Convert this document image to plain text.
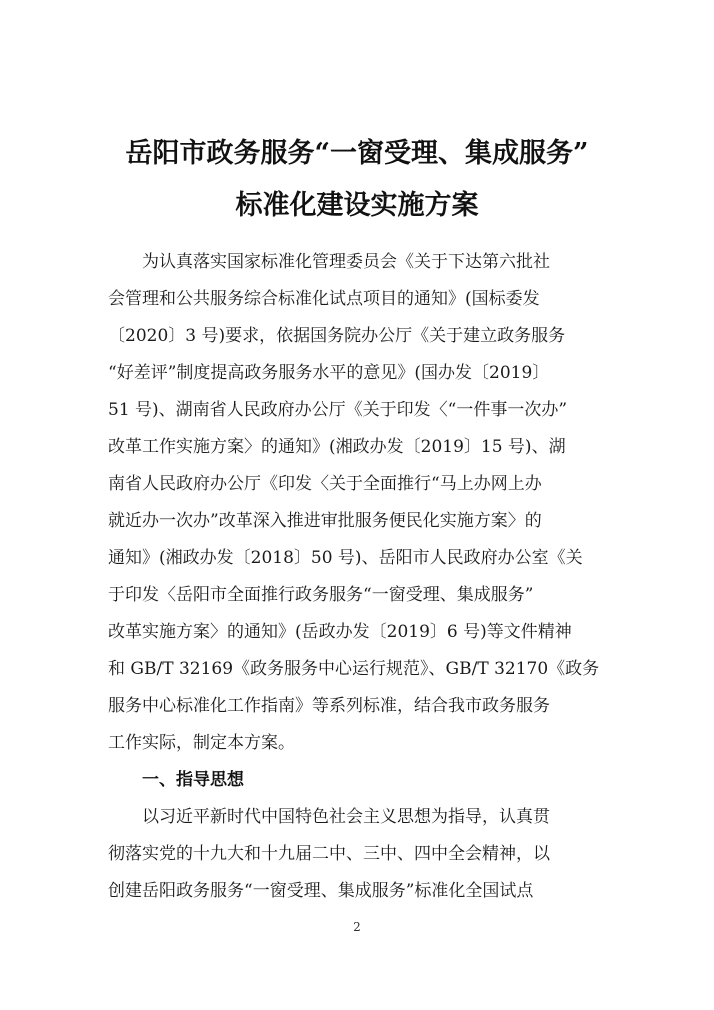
岳阳市政务服务“一窗受理、集成服务”
标准化建设实施方案
为认真落实国家标准化管理委员会《关于下达第六批社
会管理和公共服务综合标准化试点项目的通知》(国标委发
〔2020〕3 号)要求，依据国务院办公厅《关于建立政务服务
“好差评”制度提高政务服务水平的意见》(国办发〔2019〕
51 号)、湖南省人民政府办公厅《关于印发〈“一件事一次办”
改革工作实施方案〉的通知》(湘政办发〔2019〕15 号)、湖
南省人民政府办公厅《印发〈关于全面推行“马上办网上办
就近办一次办”改革深入推进审批服务便民化实施方案〉的
通知》(湘政办发〔2018〕50 号)、岳阳市人民政府办公室《关
于印发〈岳阳市全面推行政务服务“一窗受理、集成服务”
改革实施方案〉的通知》(岳政办发〔2019〕6 号)等文件精神
和 GB/T 32169《政务服务中心运行规范》、GB/T 32170《政务
服务中心标准化工作指南》等系列标准，结合我市政务服务
工作实际，制定本方案。
一、指导思想
以习近平新时代中国特色社会主义思想为指导，认真贯
彻落实党的十九大和十九届二中、三中、四中全会精神，以
创建岳阳政务服务“一窗受理、集成服务”标准化全国试点
2
